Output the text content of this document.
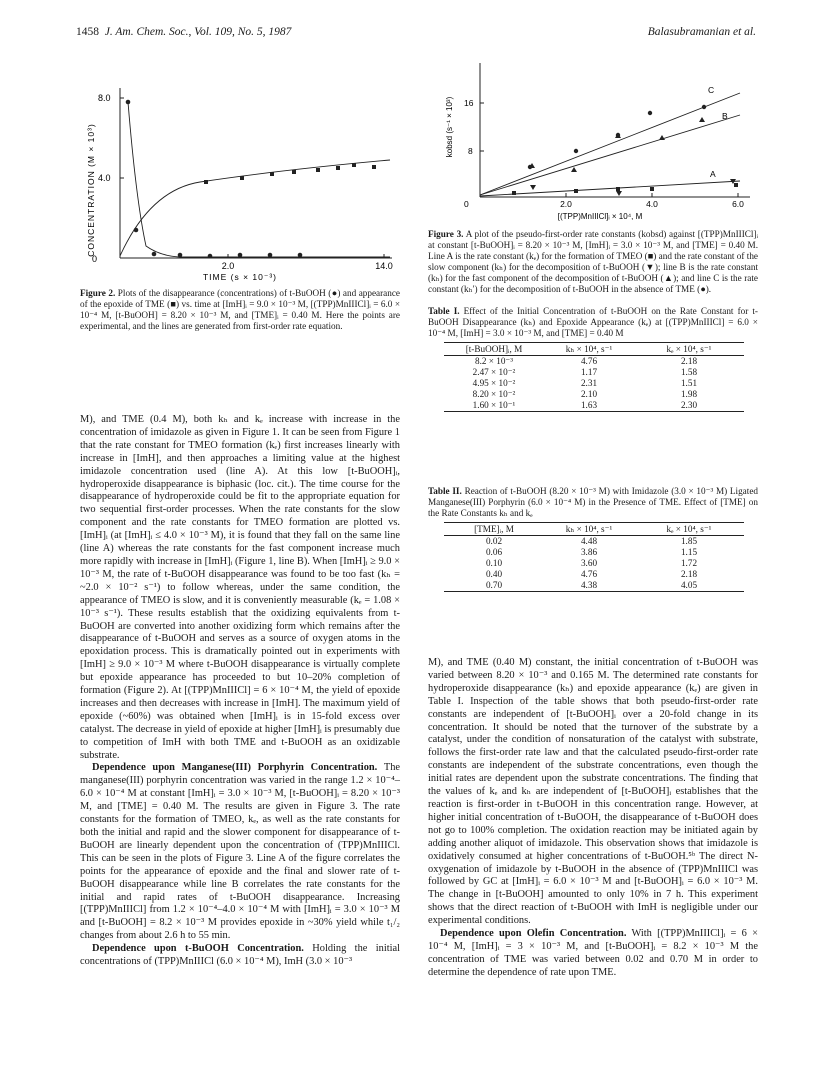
1458 J. Am. Chem. Soc., Vol. 109, No. 5, 1987	Balasubramanian et al.
CONCENTRATION (M × 10³)
0
4.0
8.0
2.0	14.0
TIME (s × 10⁻³)
Figure 2. Plots of the disappearance (concentrations) of t-BuOOH (●) and appearance of the epoxide of TME (■) vs. time at [ImH]ᵢ = 9.0 × 10⁻³ M, [(TPP)MnIIICl]ᵢ = 6.0 × 10⁻⁴ M, [t-BuOOH] = 8.20 × 10⁻³ M, and [TME]ᵢ = 0.40 M. Here the points are experimental, and the lines are generated from first-order rate equation.
kobsd (s⁻¹ × 10³) 8
16
0	2.0	4.0	6.0
[(TPP)MnIIICl]ᵢ × 10⁴, M
C
B
A
Figure 3. A plot of the pseudo-first-order rate constants (kobsd) against [(TPP)MnIIICl]ᵢ at constant [t-BuOOH]ᵢ = 8.20 × 10⁻³ M, [ImH]ᵢ = 3.0 × 10⁻³ M, and [TME] = 0.40 M. Line A is the rate constant (kₑ) for the formation of TMEO (■) and the rate constant of the slow component (kₕ) for the decomposition of t-BuOOH (▼); line B is the rate constant (kₕ) for the fast component of the decomposition of t-BuOOH (▲); and line C is the rate constant (kₕ′) for the decomposition of t-BuOOH in the absence of TME (●).
Table I. Effect of the Initial Concentration of t-BuOOH on the Rate Constant for t-BuOOH Disappearance (kₕ) and Epoxide Appearance (kₑ) at [(TPP)MnIIICl] = 6.0 × 10⁻⁴ M, [ImH] = 3.0 × 10⁻³ M, and [TME] = 0.40 M
[t-BuOOH]ᵢ, M	kₕ × 10⁴, s⁻¹	kₑ × 10⁴, s⁻¹
8.2 × 10⁻³	4.76	2.18
2.47 × 10⁻²	1.17	1.58
4.95 × 10⁻²	2.31	1.51
8.20 × 10⁻²	2.10	1.98
1.60 × 10⁻¹	1.63	2.30
Table II. Reaction of t-BuOOH (8.20 × 10⁻³ M) with Imidazole (3.0 × 10⁻³ M) Ligated Manganese(III) Porphyrin (6.0 × 10⁻⁴ M) in the Presence of TME. Effect of [TME] on the Rate Constants kₕ and kₑ
[TME]ᵢ, M	kₕ × 10⁴, s⁻¹	kₑ × 10⁴, s⁻¹
0.02	4.48	1.85
0.06	3.86	1.15
0.10	3.60	1.72
0.40	4.76	2.18
0.70	4.38	4.05

M), and TME (0.4 M), both kₕ and kₑ increase with increase in the concentration of imidazole as given in Figure 1. It can be seen from Figure 1 that the rate constant for TMEO formation (kₑ) first increases linearly with increase in [ImH], and then approaches a limiting value at the highest imidazole concentration used (line A). At this low [t-BuOOH]ᵢ, hydroperoxide disappearance is biphasic (loc. cit.). The time course for the disappearance of hydroperoxide could be fit to the appropriate equation for two sequential first-order processes. When the rate constants for the slow component and the rate constants for TMEO formation are plotted vs. [ImH]ᵢ (at [ImH]ᵢ ≤ 4.0 × 10⁻³ M), it is found that they fall on the same line (line A) whereas the rate constants for the fast component increase much more rapidly with increase in [ImH]ᵢ (Figure 1, line B). When [ImH]ᵢ ≥ 9.0 × 10⁻³ M, the rate of t-BuOOH disappearance was found to be too fast (kₕ = ~2.0 × 10⁻² s⁻¹) to follow whereas, under the same condition, the appearance of TMEO is slow, and it is conveniently measurable (kₑ = 1.08 × 10⁻³ s⁻¹). These results establish that the oxidizing equivalents from t-BuOOH are converted into another oxidizing form which remains after the disappearance of t-BuOOH and serves as a source of oxygen atoms in the epoxidation process. This is dramatically pointed out in experiments with [ImH] ≥ 9.0 × 10⁻³ M where t-BuOOH disappearance is virtually complete but epoxide appearance has proceeded to but 10–20% completion of formation (Figure 2). At [(TPP)MnIIICl] = 6 × 10⁻⁴ M, the yield of epoxide increases and then decreases with increase in [ImH]. The maximum yield of epoxide (~60%) was obtained when [ImH]ᵢ is in 15-fold excess over catalyst. The decrease in yield of epoxide at higher [ImH]ᵢ is presumably due to competition of ImH with both TME and t-BuOOH as an oxidizable substrate.

Dependence upon Manganese(III) Porphyrin Concentration. The manganese(III) porphyrin concentration was varied in the range 1.2 × 10⁻⁴–6.0 × 10⁻⁴ M at constant [ImH]ᵢ = 3.0 × 10⁻³ M, [t-BuOOH]ᵢ = 8.20 × 10⁻³ M, and [TME] = 0.40 M. The results are given in Figure 3. The rate constants for the formation of TMEO, kₑ, as well as the rate constants for both the initial and rapid and the slower component for disappearance of t-BuOOH are linearly dependent upon the concentration of (TPP)MnIIICl. This can be seen in the plots of Figure 3. Line A of the figure correlates the points for the appearance of epoxide and the final and slower rate of t-BuOOH disappearance while line B correlates the rate constants for the initial and rapid rates of t-BuOOH disappearance. Increasing [(TPP)MnIIICl] from 1.2 × 10⁻⁴–4.0 × 10⁻⁴ M with [ImH]ᵢ = 3.0 × 10⁻³ M and [t-BuOOH] = 8.2 × 10⁻³ M provides epoxide in ~30% yield while t₁/₂ changes from about 2.6 h to 55 min.

Dependence upon t-BuOOH Concentration. Holding the initial concentrations of (TPP)MnIIICl (6.0 × 10⁻⁴ M), ImH (3.0 × 10⁻³

M), and TME (0.40 M) constant, the initial concentration of t-BuOOH was varied between 8.20 × 10⁻³ and 0.165 M. The determined rate constants for hydroperoxide disappearance (kₕ) and epoxide appearance (kₑ) are given in Table I. Inspection of the table shows that both pseudo-first-order rate constants are independent of [t-BuOOH]ᵢ over a 20-fold change in its concentration. It should be noted that the turnover of the substrate by a catalyst, under the condition of nonsaturation of the catalyst with substrate, follows the first-order rate law and that the calculated pseudo-first-order rate constants are independent of the substrate concentrations, even though the initial rates are dependent upon the substrate concentrations. The finding that the values of kₑ and kₕ are independent of [t-BuOOH]ᵢ establishes that the reaction is first-order in t-BuOOH in this concentration range. However, at higher initial concentration of t-BuOOH, the disappearance of t-BuOOH does not go to 100% completion. The oxidation reaction may be initiated again by adding another aliquot of imidazole. This observation shows that imidazole is oxidatively consumed at higher concentrations of t-BuOOH.⁵ᵇ The direct N-oxygenation of imidazole by t-BuOOH in the absence of (TPP)MnIIICl was followed by GC at [ImH]ᵢ = 6.0 × 10⁻³ M and [t-BuOOH]ᵢ = 6.0 × 10⁻³ M. The change in [t-BuOOH] amounted to only 10% in 7 h. This experiment shows that the direct reaction of t-BuOOH with ImH is negligible under our experimental conditions.

Dependence upon Olefin Concentration. With [(TPP)MnIIICl]ᵢ = 6 × 10⁻⁴ M, [ImH]ᵢ = 3 × 10⁻³ M, and [t-BuOOH]ᵢ = 8.2 × 10⁻³ M the concentration of TME was varied between 0.02 and 0.70 M in order to determine the dependence of rate upon TME.
